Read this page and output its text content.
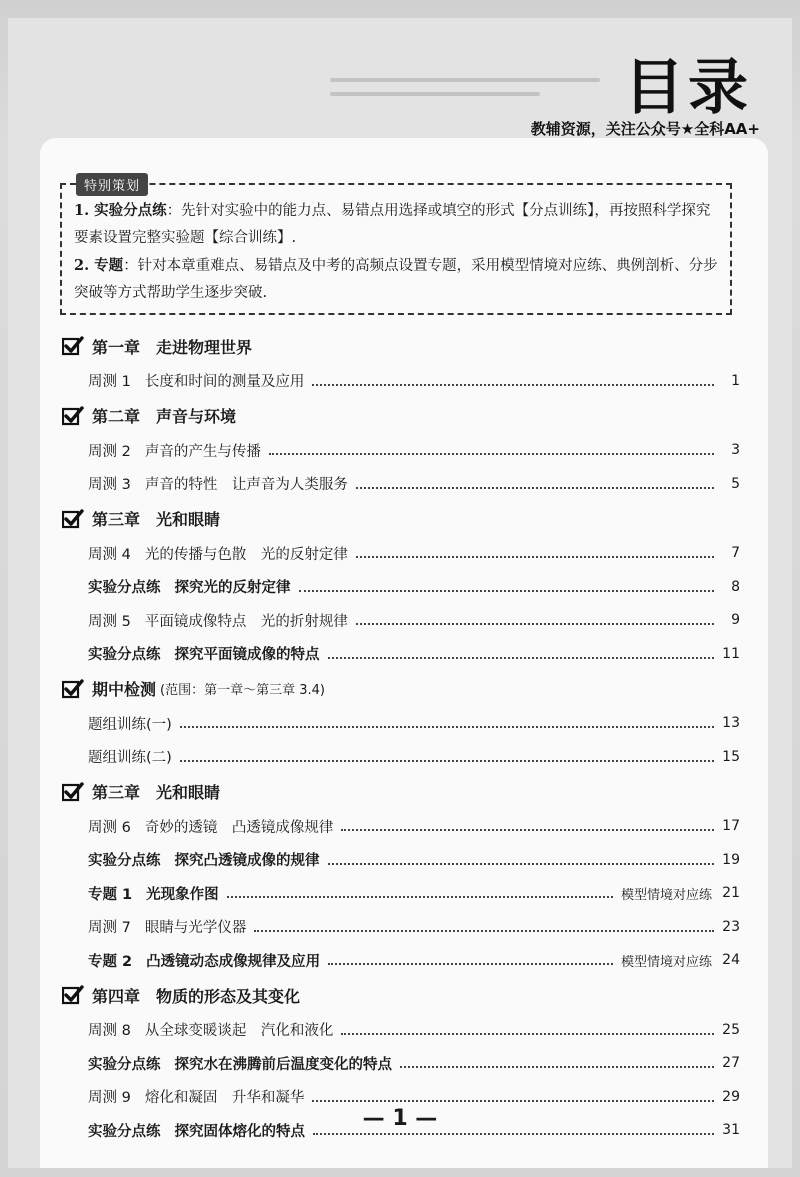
目录
教辅资源，关注公众号★全科AA+
特别策划

1. 实验分点练：先针对实验中的能力点、易错点用选择或填空的形式【分点训练】，再按照科学探究要素设置完整实验题【综合训练】.

2. 专题：针对本章重难点、易错点及中考的高频点设置专题，采用模型情境对应练、典例剖析、分步突破等方式帮助学生逐步突破.

第一章　走进物理世界
周测 1 长度和时间的测量及应用	1
第二章　声音与环境
周测 2 声音的产生与传播	3
周测 3 声音的特性　让声音为人类服务	5
第三章　光和眼睛
周测 4 光的传播与色散　光的反射定律	7
实验分点练 探究光的反射定律	8
周测 5 平面镜成像特点　光的折射规律	9
实验分点练 探究平面镜成像的特点	11
期中检测 (范围：第一章～第三章 3.4)
题组训练(一)	13
题组训练(二)	15
第三章　光和眼睛
周测 6 奇妙的透镜　凸透镜成像规律	17
实验分点练 探究凸透镜成像的规律	19
专题 1 光现象作图	模型情境对应练 21
周测 7 眼睛与光学仪器	23
专题 2 凸透镜动态成像规律及应用	模型情境对应练 24
第四章　物质的形态及其变化
周测 8 从全球变暖谈起　汽化和液化	25
实验分点练 探究水在沸腾前后温度变化的特点	27
周测 9 熔化和凝固　升华和凝华	29
实验分点练 探究固体熔化的特点	31
— 1 —
